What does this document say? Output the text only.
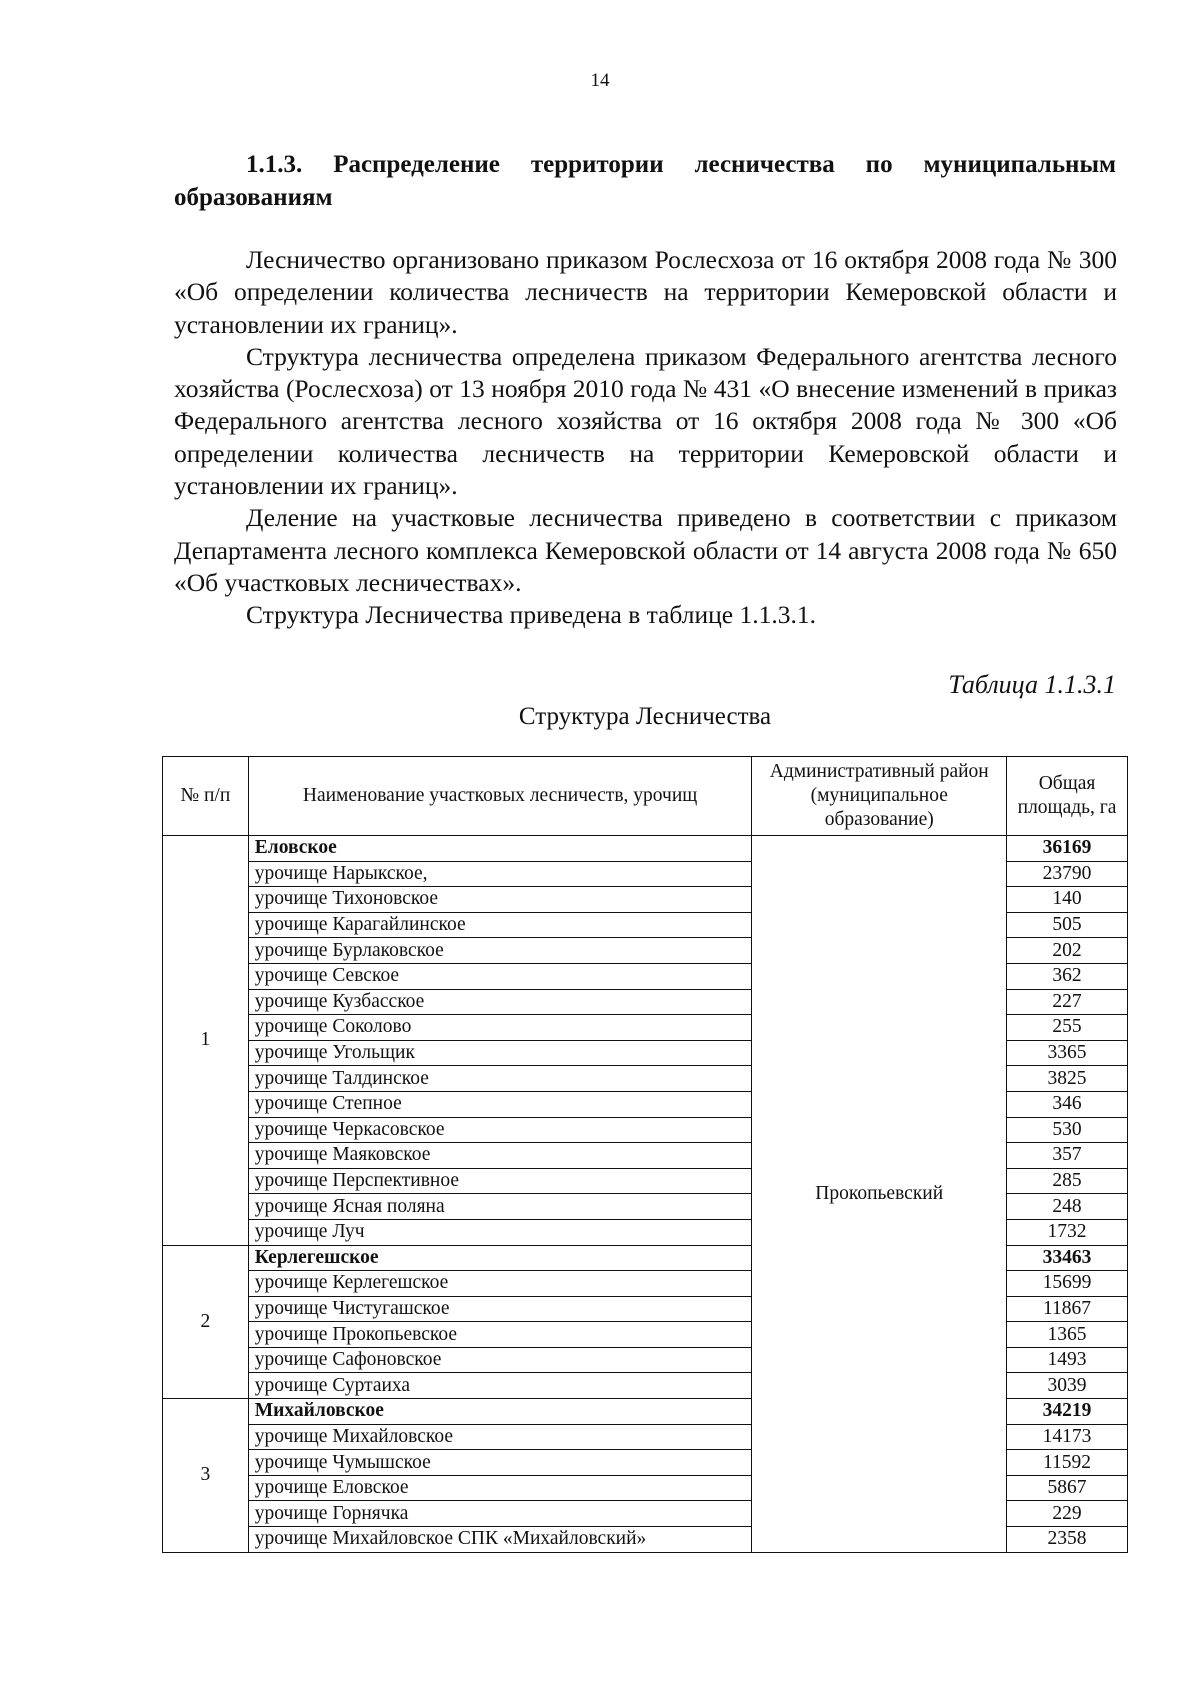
14
1.1.3. Распределение территории лесничества по муниципальным
образованиям

Лесничество организовано приказом Рослесхоза от 16 октября 2008 года № 300 «Об определении количества лесничеств на территории Кемеровской области и установлении их границ».

Структура лесничества определена приказом Федерального агентства лесного хозяйства (Рослесхоза) от 13 ноября 2010 года № 431 «О внесение изменений в приказ Федерального агентства лесного хозяйства от 16 октября 2008 года № 300 «Об определении количества лесничеств на территории Кемеровской области и установлении их границ».

Деление на участковые лесничества приведено в соответствии с приказом Департамента лесного комплекса Кемеровской области от 14 августа 2008 года № 650 «Об участковых лесничествах».

Структура Лесничества приведена в таблице 1.1.3.1.

Таблица 1.1.3.1
Структура Лесничества
№ п/п	Наименование участковых лесничеств, урочищ	Административный район (муниципальное образование)	Общая площадь, га
1	Еловское	Прокопьевский	36169
	урочище Нарыкское,		23790
	урочище Тихоновское		140
	урочище Карагайлинское		505
	урочище Бурлаковское		202
	урочище Севское		362
	урочище Кузбасское		227
	урочище Соколово		255
	урочище Угольщик		3365
	урочище Талдинское		3825
	урочище Степное		346
	урочище Черкасовское		530
	урочище Маяковское		357
	урочище Перспективное		285
	урочище Ясная поляна		248
	урочище Луч		1732
2	Керлегешское		33463
	урочище Керлегешское		15699
	урочище Чистугашское		11867
	урочище Прокопьевское		1365
	урочище Сафоновское		1493
	урочище Суртаиха		3039
3	Михайловское		34219
	урочище Михайловское		14173
	урочище Чумышское		11592
	урочище Еловское		5867
	урочище Горнячка		229
	урочище Михайловское СПК «Михайловский»		2358
